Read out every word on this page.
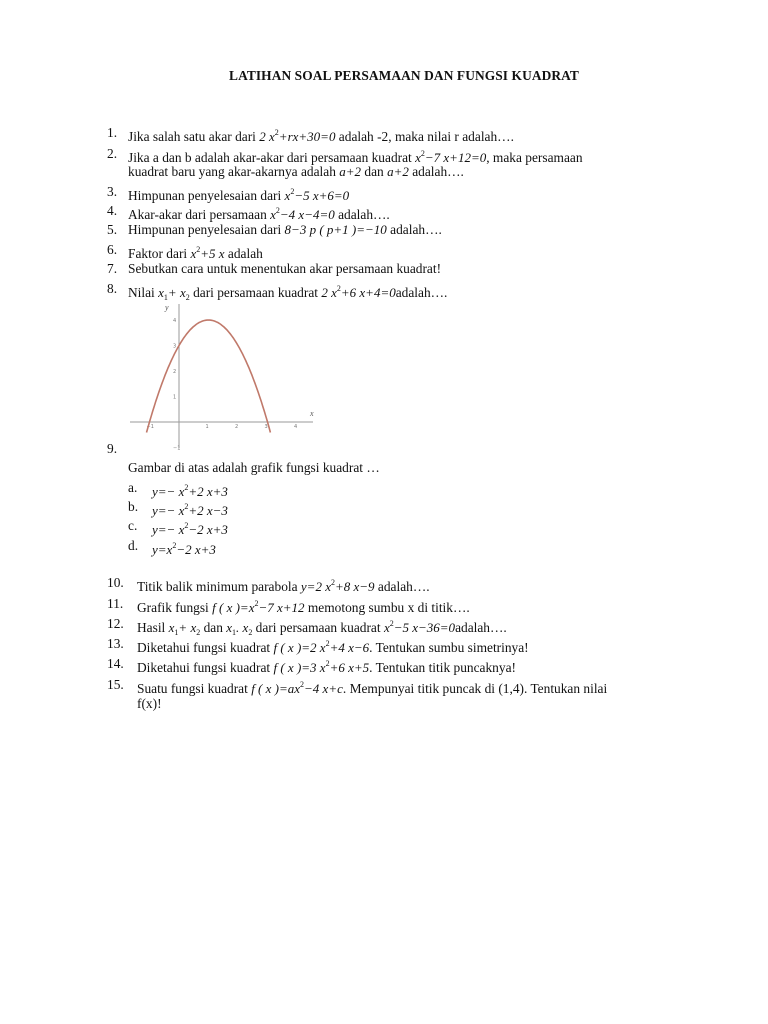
LATIHAN SOAL PERSAMAAN DAN FUNGSI KUADRAT
1. Jika salah satu akar dari 2 $x^2+rx+30=0$ adalah -2, maka nilai r adalah….
2. Jika a dan b adalah akar-akar dari persamaan kuadrat $x^2-7$ x+12=0, maka persamaan
kuadrat baru yang akar-akarnya adalah a+2 dan a+2 adalah….
3. Himpunan penyelesaian dari $x^2-5$ x+6=0
4. Akar-akar dari persamaan $x^2-4$ x−4=0 adalah….
5. Himpunan penyelesaian dari 8−3 p ( p+1 )=−10 adalah….
6. Faktor dari $x^2+5$ x adalah
7. Sebutkan cara untuk menentukan akar persamaan kuadrat!
8. Nilai $x_1+ x_2$ dari persamaan kuadrat 2 $x^2+6$ x+4=0adalah….
y
x
−1	1	2	3	4
4
3
2
1
−1
9.
Gambar di atas adalah grafik fungsi kuadrat …
a. $y=- x^2+2$ x+3
b. $y=- x^2+2$ x−3
c. $y=- x^2-2$ x+3
d. $y=x^2-2$ x+3
10. Titik balik minimum parabola y=2 $x^2+8$ x−9 adalah….
11. Grafik fungsi f ( x )$=x^2-7$ x+12 memotong sumbu x di titik….
12. Hasil $x_1+ x_2$ dan $x_1$. $x_2$ dari persamaan kuadrat $x^2-5$ x−36=0adalah….
13. Diketahui fungsi kuadrat f ( x )=2 $x^2+4$ x−6. Tentukan sumbu simetrinya!
14. Diketahui fungsi kuadrat f ( x )=3 $x^2+6$ x+5. Tentukan titik puncaknya!
15. Suatu fungsi kuadrat f ( x )$=ax^2-4$ x+c. Mempunyai titik puncak di (1,4). Tentukan nilai
f(x)!
